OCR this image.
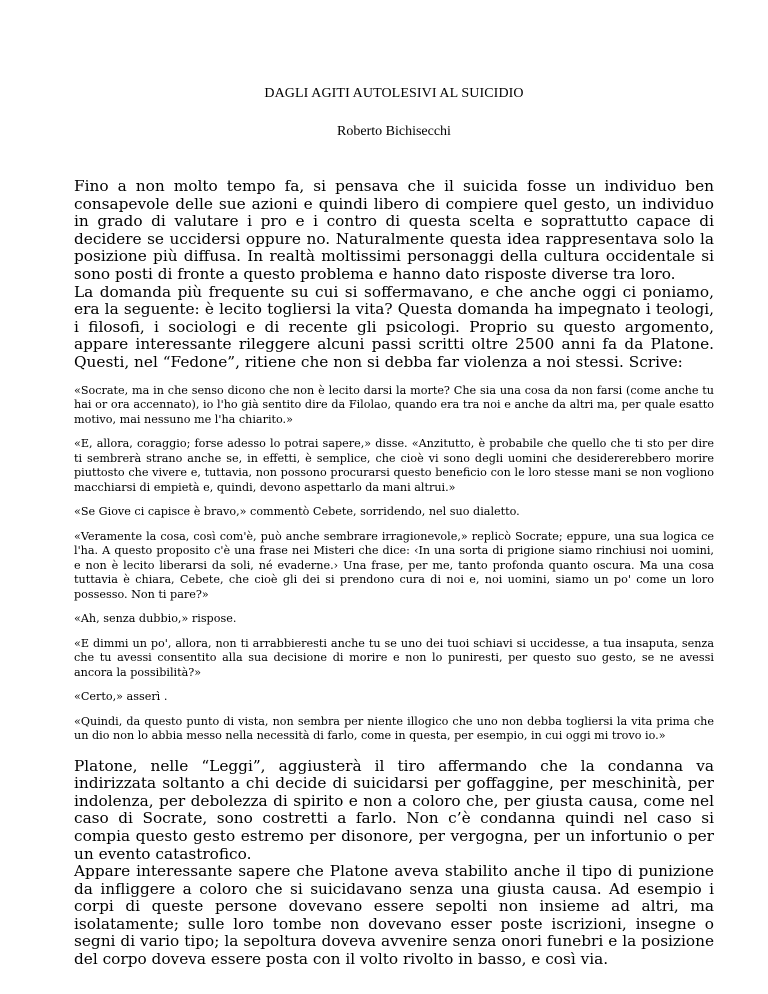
DAGLI AGITI AUTOLESIVI AL SUICIDIO
Roberto Bichisecchi

Fino a non molto tempo fa, si pensava che il suicida fosse un individuo ben consapevole delle sue azioni e quindi libero di compiere quel gesto, un individuo in grado di valutare i pro e i contro di questa scelta e soprattutto capace di decidere se uccidersi oppure no. Naturalmente questa idea rappresentava solo la posizione più diffusa. In realtà moltissimi personaggi della cultura occidentale si sono posti di fronte a questo problema e hanno dato risposte diverse tra loro.

La domanda più frequente su cui si soffermavano, e che anche oggi ci poniamo, era la seguente: è lecito togliersi la vita? Questa domanda ha impegnato i teologi, i filosofi, i sociologi e di recente gli psicologi. Proprio su questo argomento, appare interessante rileggere alcuni passi scritti oltre 2500 anni fa da Platone. Questi, nel “Fedone”, ritiene che non si debba far violenza a noi stessi. Scrive:

«Socrate, ma in che senso dicono che non è lecito darsi la morte? Che sia una cosa da non farsi (come anche tu hai or ora accennato), io l'ho già sentito dire da Filolao, quando era tra noi e anche da altri ma, per quale esatto motivo, mai nessuno me l'ha chiarito.»

«E, allora, coraggio; forse adesso lo potrai sapere,» disse. «Anzitutto, è probabile che quello che ti sto per dire ti sembrerà strano anche se, in effetti, è semplice, che cioè vi sono degli uomini che desidererebbero morire piuttosto che vivere e, tuttavia, non possono procurarsi questo beneficio con le loro stesse mani se non vogliono macchiarsi di empietà e, quindi, devono aspettarlo da mani altrui.»

«Se Giove ci capisce è bravo,» commentò Cebete, sorridendo, nel suo dialetto.

«Veramente la cosa, così com'è, può anche sembrare irragionevole,» replicò Socrate; eppure, una sua logica ce l'ha. A questo proposito c'è una frase nei Misteri che dice: ‹In una sorta di prigione siamo rinchiusi noi uomini, e non è lecito liberarsi da soli, né evaderne.› Una frase, per me, tanto profonda quanto oscura. Ma una cosa tuttavia è chiara, Cebete, che cioè gli dei si prendono cura di noi e, noi uomini, siamo un po' come un loro possesso. Non ti pare?»

«Ah, senza dubbio,» rispose.

«E dimmi un po', allora, non ti arrabbieresti anche tu se uno dei tuoi schiavi si uccidesse, a tua insaputa, senza che tu avessi consentito alla sua decisione di morire e non lo puniresti, per questo suo gesto, se ne avessi ancora la possibilità?»

«Certo,» asserì .

«Quindi, da questo punto di vista, non sembra per niente illogico che uno non debba togliersi la vita prima che un dio non lo abbia messo nella necessità di farlo, come in questa, per esempio, in cui oggi mi trovo io.»

Platone, nelle “Leggi”, aggiusterà il tiro affermando che la condanna va indirizzata soltanto a chi decide di suicidarsi per goffaggine, per meschinità, per indolenza, per debolezza di spirito e non a coloro che, per giusta causa, come nel caso di Socrate, sono costretti a farlo. Non c’è condanna quindi nel caso si compia questo gesto estremo per disonore, per vergogna, per un infortunio o per un evento catastrofico.

Appare interessante sapere che Platone aveva stabilito anche il tipo di punizione da infliggere a coloro che si suicidavano senza una giusta causa. Ad esempio i corpi di queste persone dovevano essere sepolti non insieme ad altri, ma isolatamente; sulle loro tombe non dovevano esser poste iscrizioni, insegne o segni di vario tipo; la sepoltura doveva avvenire senza onori funebri e la posizione del corpo doveva essere posta con il volto rivolto in basso, e così via.
